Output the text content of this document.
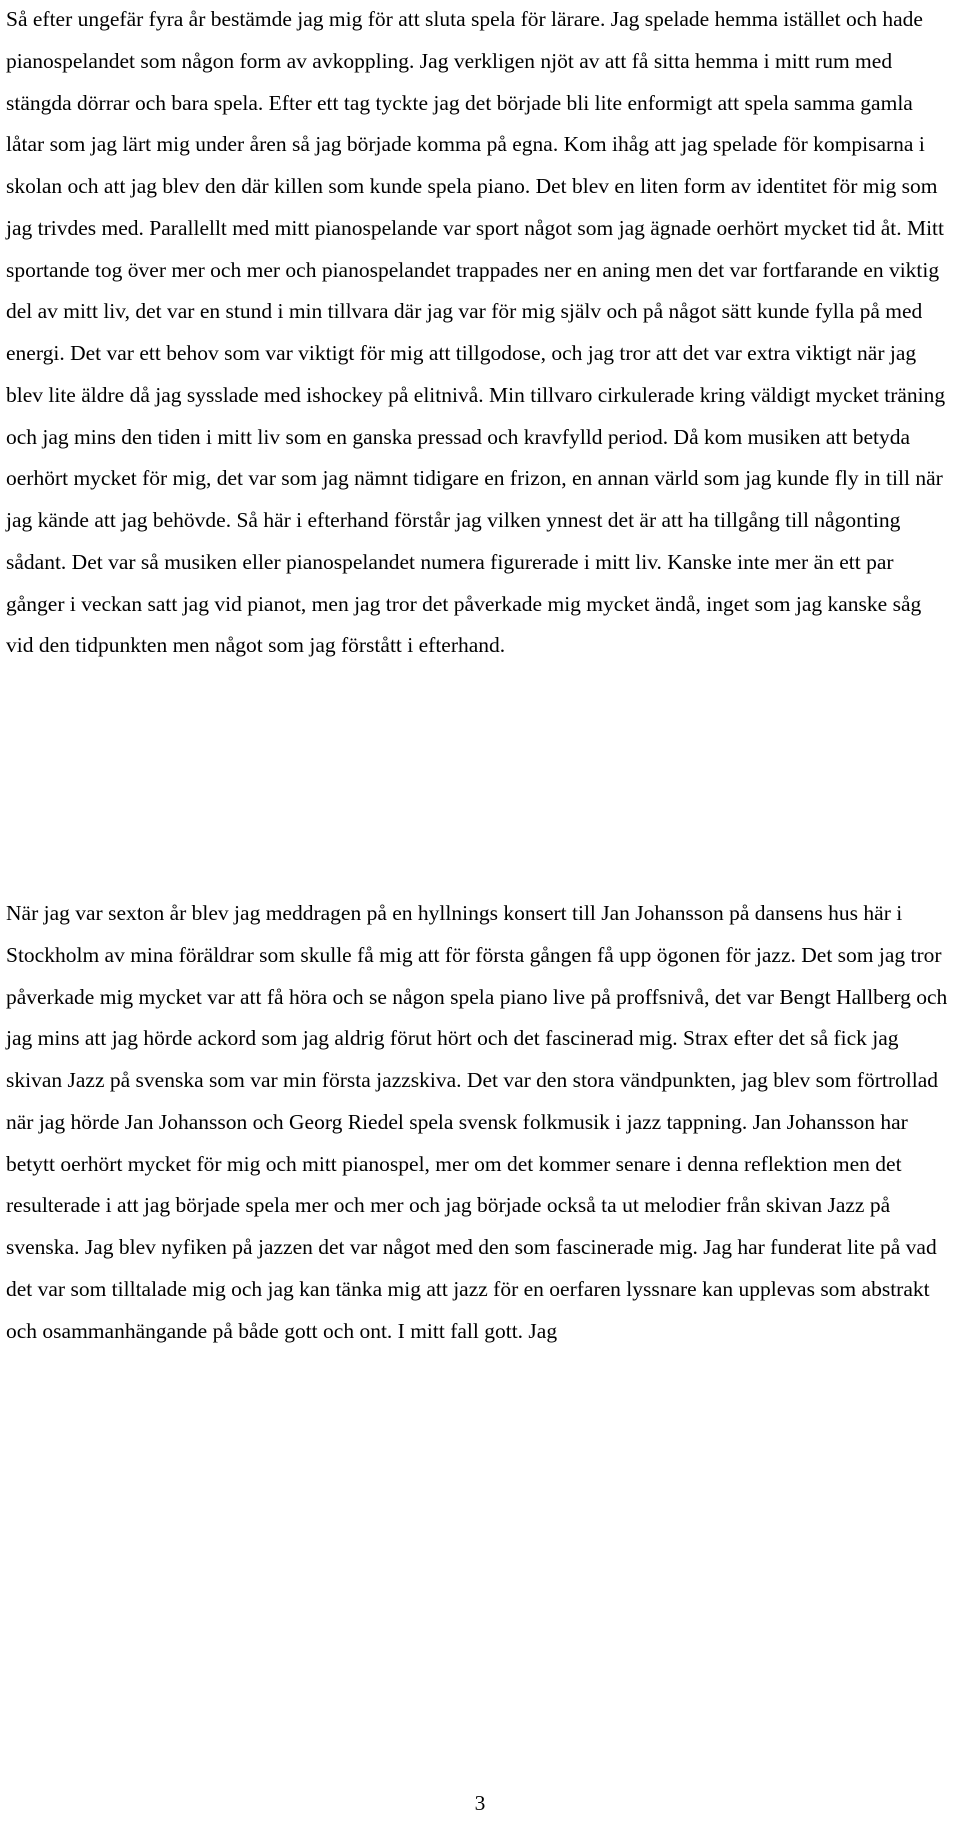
Så efter ungefär fyra år bestämde jag mig för att sluta spela för lärare. Jag spelade hemma istället och hade pianospelandet som någon form av avkoppling. Jag verkligen njöt av att få sitta hemma i mitt rum med stängda dörrar och bara spela. Efter ett tag tyckte jag det började bli lite enformigt att spela samma gamla låtar som jag lärt mig under åren så jag började komma på egna. Kom ihåg att jag spelade för kompisarna i skolan och att jag blev den där killen som kunde spela piano. Det blev en liten form av identitet för mig som jag trivdes med. Parallellt med mitt pianospelande var sport något som jag ägnade oerhört mycket tid åt. Mitt sportande tog över mer och mer och pianospelandet trappades ner en aning men det var fortfarande en viktig del av mitt liv, det var en stund i min tillvara där jag var för mig själv och på något sätt kunde fylla på med energi. Det var ett behov som var viktigt för mig att tillgodose, och jag tror att det var extra viktigt när jag blev lite äldre då jag sysslade med ishockey på elitnivå. Min tillvaro cirkulerade kring väldigt mycket träning och jag mins den tiden i mitt liv som en ganska pressad och kravfylld period. Då kom musiken att betyda oerhört mycket för mig, det var som jag nämnt tidigare en frizon, en annan värld som jag kunde fly in till när jag kände att jag behövde. Så här i efterhand förstår jag vilken ynnest det är att ha tillgång till någonting sådant. Det var så musiken eller pianospelandet numera figurerade i mitt liv. Kanske inte mer än ett par gånger i veckan satt jag vid pianot, men jag tror det påverkade mig mycket ändå, inget som jag kanske såg vid den tidpunkten men något som jag förstått i efterhand.

När jag var sexton år blev jag meddragen på en hyllnings konsert till Jan Johansson på dansens hus här i Stockholm av mina föräldrar som skulle få mig att för första gången få upp ögonen för jazz. Det som jag tror påverkade mig mycket var att få höra och se någon spela piano live på proffsnivå, det var Bengt Hallberg och jag mins att jag hörde ackord som jag aldrig förut hört och det fascinerad mig. Strax efter det så fick jag skivan Jazz på svenska som var min första jazzskiva. Det var den stora vändpunkten, jag blev som förtrollad när jag hörde Jan Johansson och Georg Riedel spela svensk folkmusik i jazz tappning. Jan Johansson har betytt oerhört mycket för mig och mitt pianospel, mer om det kommer senare i denna reflektion men det resulterade i att jag började spela mer och mer och jag började också ta ut melodier från skivan Jazz på svenska. Jag blev nyfiken på jazzen det var något med den som fascinerade mig. Jag har funderat lite på vad det var som tilltalade mig och jag kan tänka mig att jazz för en oerfaren lyssnare kan upplevas som abstrakt och osammanhängande på både gott och ont. I mitt fall gott. Jag

3
